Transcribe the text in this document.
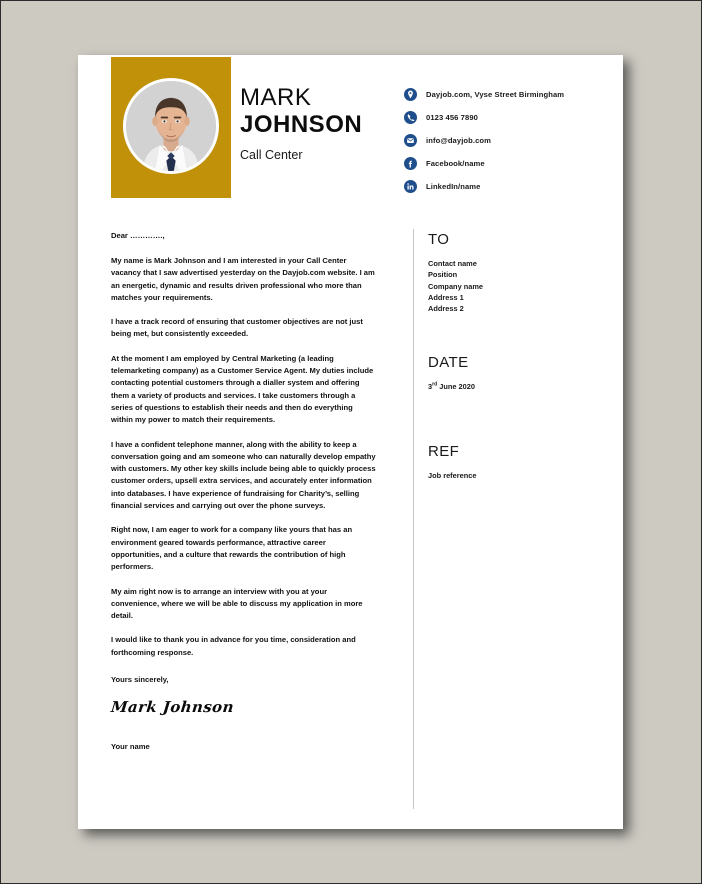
MARK
JOHNSON
Call Center
Dayjob.com, Vyse Street Birmingham
0123 456 7890
info@dayjob.com
Facebook/name
LinkedIn/name
Dear ………….,

My name is Mark Johnson and I am interested in your Call Center vacancy that I saw advertised yesterday on the Dayjob.com website. I am an energetic, dynamic and results driven professional who more than matches your requirements.

I have a track record of ensuring that customer objectives are not just being met, but consistently exceeded.

At the moment I am employed by Central Marketing (a leading telemarketing company) as a Customer Service Agent. My duties include contacting potential customers through a dialler system and offering them a variety of products and services. I take customers through a series of questions to establish their needs and then do everything within my power to match their requirements.

I have a confident telephone manner, along with the ability to keep a conversation going and am someone who can naturally develop empathy with customers. My other key skills include being able to quickly process customer orders, upsell extra services, and accurately enter information into databases. I have experience of fundraising for Charity’s, selling financial services and carrying out over the phone surveys.

Right now, I am eager to work for a company like yours that has an environment geared towards performance, attractive career opportunities, and a culture that rewards the contribution of high performers.

My aim right now is to arrange an interview with you at your convenience, where we will be able to discuss my application in more detail.

I would like to thank you in advance for you time, consideration and forthcoming response.

Yours sincerely,
Mark Johnson
Your name
TO
Contact name
Position
Company name
Address 1
Address 2
DATE
3rd June 2020
REF
Job reference
